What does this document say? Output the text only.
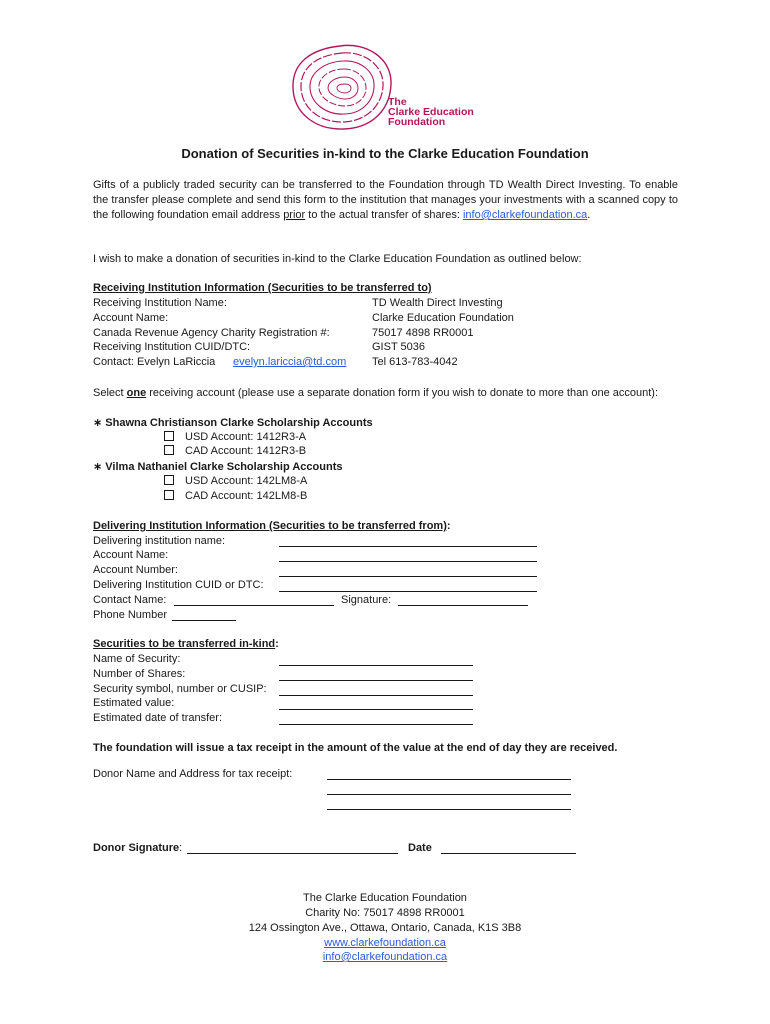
The
Clarke Education
Foundation
Donation of Securities in-kind to the Clarke Education Foundation
Gifts of a publicly traded security can be transferred to the Foundation through TD Wealth Direct Investing. To enable the transfer please complete and send this form to the institution that manages your investments with a scanned copy to the following foundation email address prior to the actual transfer of shares: info@clarkefoundation.ca.
I wish to make a donation of securities in-kind to the Clarke Education Foundation as outlined below:
Receiving Institution Information (Securities to be transferred to)
Receiving Institution Name:	TD Wealth Direct Investing
Account Name:	Clarke Education Foundation
Canada Revenue Agency Charity Registration #:	75017 4898 RR0001
Receiving Institution CUID/DTC:	GIST 5036
Contact: Evelyn LaRiccia evelyn.lariccia@td.com Tel 613-783-4042
Select one receiving account (please use a separate donation form if you wish to donate to more than one account):
∗ Shawna Christianson Clarke Scholarship Accounts
USD Account: 1412R3-A
CAD Account: 1412R3-B
∗ Vilma Nathaniel Clarke Scholarship Accounts
USD Account: 142LM8-A
CAD Account: 142LM8-B
Delivering Institution Information (Securities to be transferred from):
Delivering institution name:
Account Name:
Account Number:
Delivering Institution CUID or DTC:
Contact Name:	Signature:
Phone Number
Securities to be transferred in-kind:
Name of Security:
Number of Shares:
Security symbol, number or CUSIP:
Estimated value:
Estimated date of transfer:
The foundation will issue a tax receipt in the amount of the value at the end of day they are received.
Donor Name and Address for tax receipt:
Donor Signature:	Date
The Clarke Education Foundation
Charity No: 75017 4898 RR0001
124 Ossington Ave., Ottawa, Ontario, Canada, K1S 3B8
www.clarkefoundation.ca
info@clarkefoundation.ca
